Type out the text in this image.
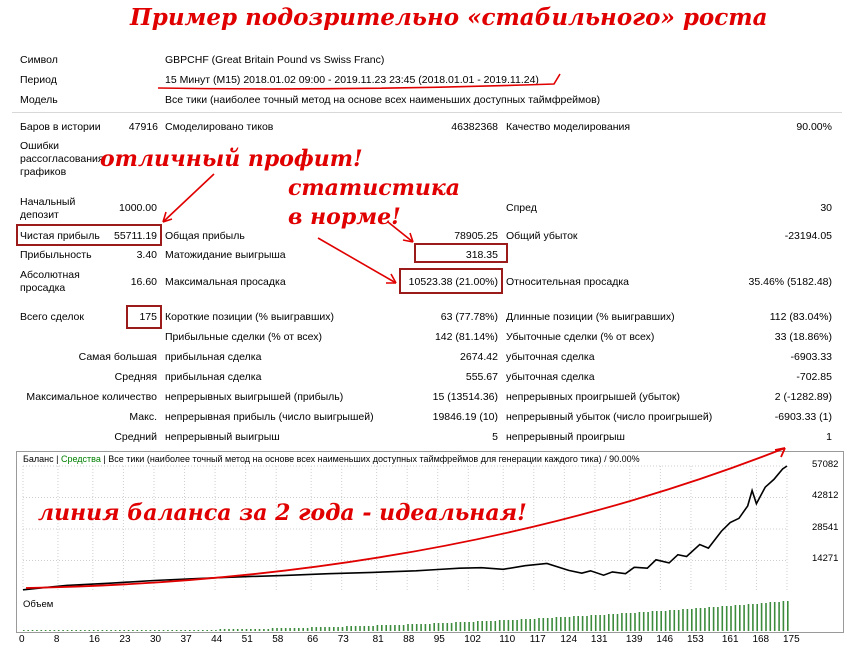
Пример подозрительно «стабильного» роста
Символ	GBPCHF (Great Britain Pound vs Swiss Franc)
Период	15 Минут (M15) 2018.01.02 09:00 - 2019.11.23 23:45 (2018.01.01 - 2019.11.24)
Модель	Все тики (наиболее точный метод на основе всех наименьших доступных таймфреймов)
Баров в истории	47916 Смоделировано тиков	46382368 Качество моделирования	90.00%
Ошибки
рассогласования
графиков
Начальный
депозит
1000.00	Спред	30
Чистая прибыль	55711.19 Общая прибыль	78905.25 Общий убыток	-23194.05
Прибыльность	3.40 Матожидание выигрыша	318.35
Абсолютная
просадка	16.60 Максимальная просадка	10523.38 (21.00%) Относительная просадка	35.46% (5182.48)
Всего сделок	175 Короткие позиции (% выигравших)	63 (77.78%) Длинные позиции (% выигравших)	112 (83.04%)
Прибыльные сделки (% от всех)	142 (81.14%) Убыточные сделки (% от всех)	33 (18.86%)
Самая большая прибыльная сделка	2674.42 убыточная сделка	-6903.33
Средняя прибыльная сделка	555.67 убыточная сделка	-702.85
Максимальное количество непрерывных выигрышей (прибыль)	15 (13514.36) непрерывных проигрышей (убыток)	2 (-1282.89)
Макс. непрерывная прибыль (число выигрышей)	19846.19 (10) непрерывный убыток (число проигрышей)	-6903.33 (1)
Средний непрерывный выигрыш	5 непрерывный проигрыш	1
отличный профит!
статистика
в норме!
Баланс | Средства | Все тики (наиболее точный метод на основе всех наименьших доступных таймфреймов для генерации каждого тика) / 90.00%
линия баланса за 2 года - идеальная!
Объем
14271
28541
42812
57082
0	8	16 23 30 37 44 51 58 66 73 81 88 95 102 110 117 124 131 139 146 153 161 168 175
